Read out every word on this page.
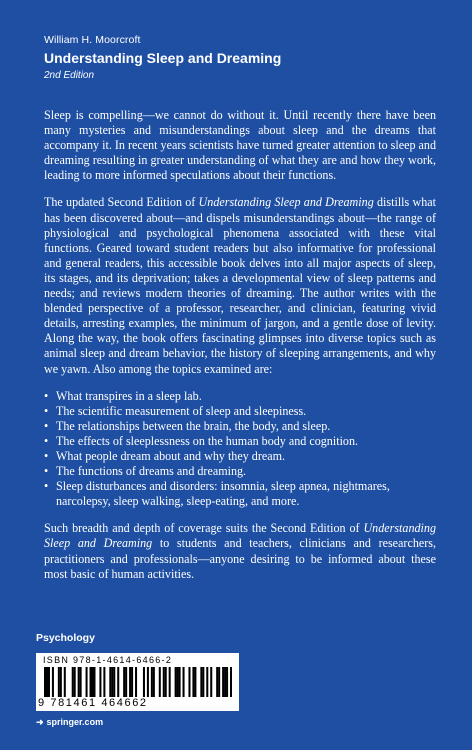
William H. Moorcroft
Understanding Sleep and Dreaming
2nd Edition

Sleep is compelling—we cannot do without it. Until recently there have been many mysteries and misunderstandings about sleep and the dreams that accompany it. In recent years scientists have turned greater attention to sleep and dreaming resulting in greater understanding of what they are and how they work, leading to more informed speculations about their functions.

The updated Second Edition of Understanding Sleep and Dreaming distills what has been discovered about—and dispels misunderstandings about—the range of physiological and psychological phenomena associated with these vital functions. Geared toward student readers but also informative for professional and general readers, this accessible book delves into all major aspects of sleep, its stages, and its deprivation; takes a developmental view of sleep patterns and needs; and reviews modern theories of dreaming. The author writes with the blended perspective of a professor, researcher, and clinician, featuring vivid details, arresting examples, the minimum of jargon, and a gentle dose of levity. Along the way, the book offers fascinating glimpses into diverse topics such as animal sleep and dream behavior, the history of sleeping arrangements, and why we yawn. Also among the topics examined are:

• What transpires in a sleep lab.
• The scientific measurement of sleep and sleepiness.
• The relationships between the brain, the body, and sleep.
• The effects of sleeplessness on the human body and cognition.
• What people dream about and why they dream.
• The functions of dreams and dreaming.
• Sleep disturbances and disorders: insomnia, sleep apnea, nightmares, narcolepsy, sleep walking, sleep-eating, and more.

Such breadth and depth of coverage suits the Second Edition of Understanding Sleep and Dreaming to students and teachers, clinicians and researchers, practitioners and professionals—anyone desiring to be informed about these most basic of human activities.

Psychology
ISBN 978-1-4614-6466-2
9 781461 464662
➜ springer.com
